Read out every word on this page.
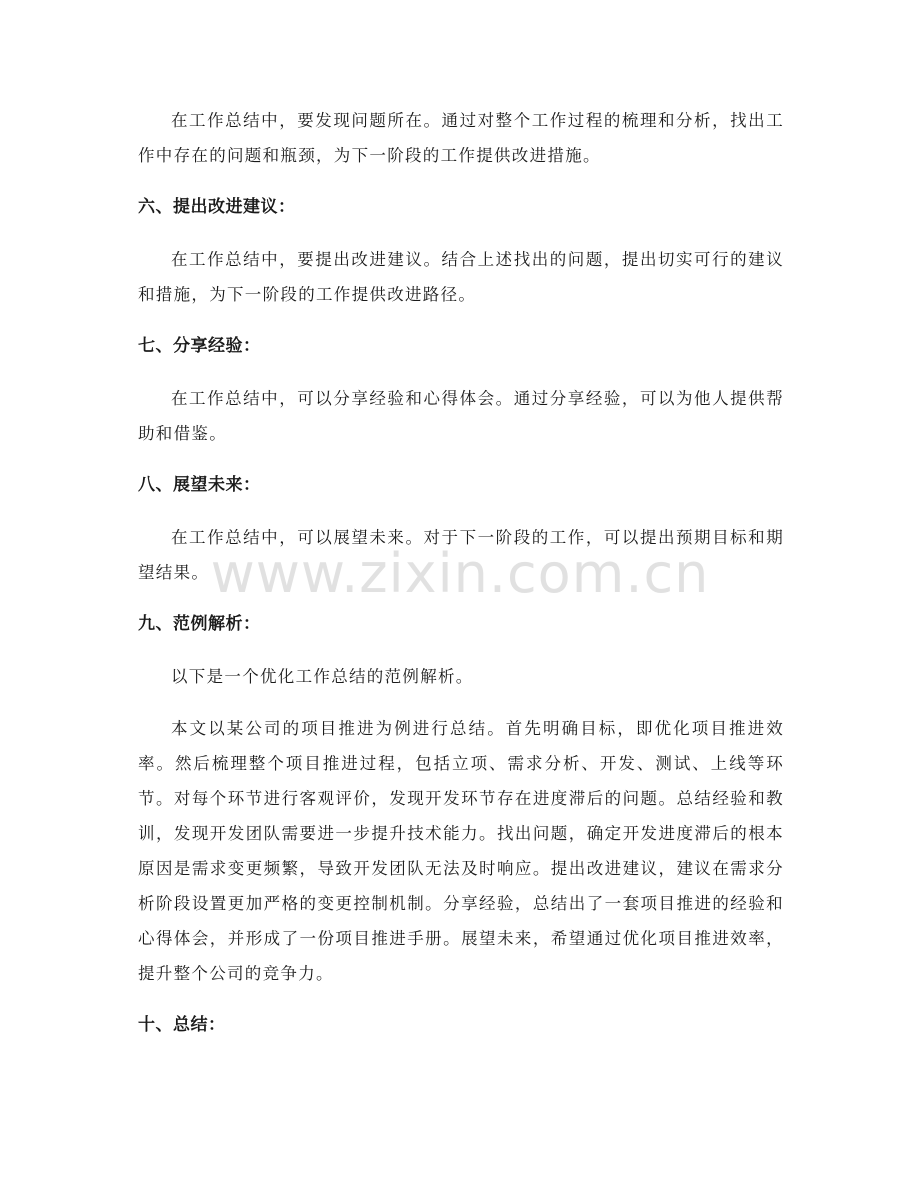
在工作总结中，要发现问题所在。通过对整个工作过程的梳理和分析，找出工作中存在的问题和瓶颈，为下一阶段的工作提供改进措施。

六、提出改进建议：

在工作总结中，要提出改进建议。结合上述找出的问题，提出切实可行的建议和措施，为下一阶段的工作提供改进路径。

七、分享经验：

在工作总结中，可以分享经验和心得体会。通过分享经验，可以为他人提供帮助和借鉴。

八、展望未来：

在工作总结中，可以展望未来。对于下一阶段的工作，可以提出预期目标和期望结果。

九、范例解析：

以下是一个优化工作总结的范例解析。

本文以某公司的项目推进为例进行总结。首先明确目标，即优化项目推进效率。然后梳理整个项目推进过程，包括立项、需求分析、开发、测试、上线等环节。对每个环节进行客观评价，发现开发环节存在进度滞后的问题。总结经验和教训，发现开发团队需要进一步提升技术能力。找出问题，确定开发进度滞后的根本原因是需求变更频繁，导致开发团队无法及时响应。提出改进建议，建议在需求分析阶段设置更加严格的变更控制机制。分享经验，总结出了一套项目推进的经验和心得体会，并形成了一份项目推进手册。展望未来，希望通过优化项目推进效率，提升整个公司的竞争力。

十、总结：
www.zixin.com.cn
